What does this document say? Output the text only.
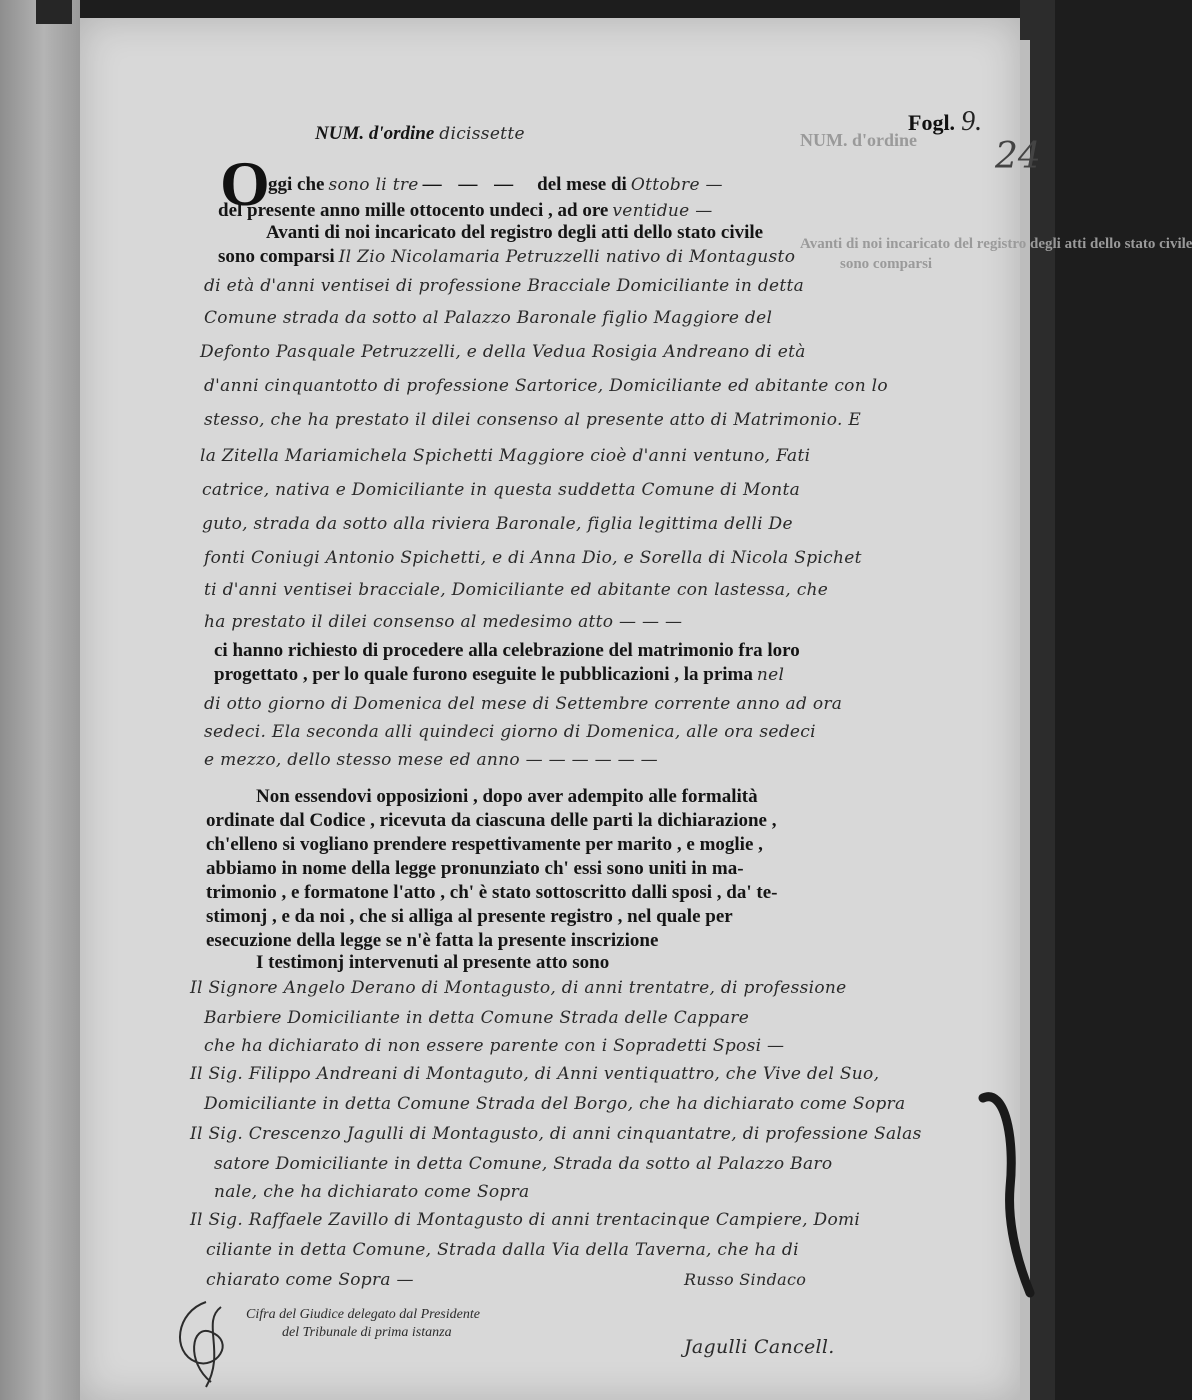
NUM. d'ordine
Avanti di noi incaricato del registro degli atti dello stato civile
sono comparsi
Fogl. 9.
24
NUM. d'ordine dicissette
O
ggi che sono li tre — — — del mese di Ottobre —
del presente anno mille ottocento undeci , ad ore ventidue —
Avanti di noi incaricato del registro degli atti dello stato civile
sono comparsi Il Zio Nicolamaria Petruzzelli nativo di Montagusto
di età d'anni ventisei di professione Bracciale Domiciliante in detta
Comune strada da sotto al Palazzo Baronale figlio Maggiore del
Defonto Pasquale Petruzzelli, e della Vedua Rosigia Andreano di età
d'anni cinquantotto di professione Sartorice, Domiciliante ed abitante con lo
stesso, che ha prestato il dilei consenso al presente atto di Matrimonio. E
la Zitella Mariamichela Spichetti Maggiore cioè d'anni ventuno, Fati
catrice, nativa e Domiciliante in questa suddetta Comune di Monta
guto, strada da sotto alla riviera Baronale, figlia legittima delli De
fonti Coniugi Antonio Spichetti, e di Anna Dio, e Sorella di Nicola Spichet
ti d'anni ventisei bracciale, Domiciliante ed abitante con lastessa, che
ha prestato il dilei consenso al medesimo atto — — —
ci hanno richiesto di procedere alla celebrazione del matrimonio fra loro
progettato , per lo quale furono eseguite le pubblicazioni , la prima nel
di otto giorno di Domenica del mese di Settembre corrente anno ad ora
sedeci. Ela seconda alli quindeci giorno di Domenica, alle ora sedeci
e mezzo, dello stesso mese ed anno — — — — — —
Non essendovi opposizioni , dopo aver adempito alle formalità
ordinate dal Codice , ricevuta da ciascuna delle parti la dichiarazione ,
ch'elleno si vogliano prendere respettivamente per marito , e moglie ,
abbiamo in nome della legge pronunziato ch' essi sono uniti in ma-
trimonio , e formatone l'atto , ch' è stato sottoscritto dalli sposi , da' te-
stimonj , e da noi , che si alliga al presente registro , nel quale per
esecuzione della legge se n'è fatta la presente inscrizione
I testimonj intervenuti al presente atto sono
Il Signore Angelo Derano di Montagusto, di anni trentatre, di professione
Barbiere Domiciliante in detta Comune Strada delle Cappare
che ha dichiarato di non essere parente con i Sopradetti Sposi —
Il Sig. Filippo Andreani di Montaguto, di Anni ventiquattro, che Vive del Suo,
Domiciliante in detta Comune Strada del Borgo, che ha dichiarato come Sopra
Il Sig. Crescenzo Jagulli di Montagusto, di anni cinquantatre, di professione Salas
satore Domiciliante in detta Comune, Strada da sotto al Palazzo Baro
nale, che ha dichiarato come Sopra
Il Sig. Raffaele Zavillo di Montagusto di anni trentacinque Campiere, Domi
ciliante in detta Comune, Strada dalla Via della Taverna, che ha di
chiarato come Sopra —	Russo Sindaco
Jagulli Cancell.
Cifra del Giudice delegato dal Presidente
del Tribunale di prima istanza
